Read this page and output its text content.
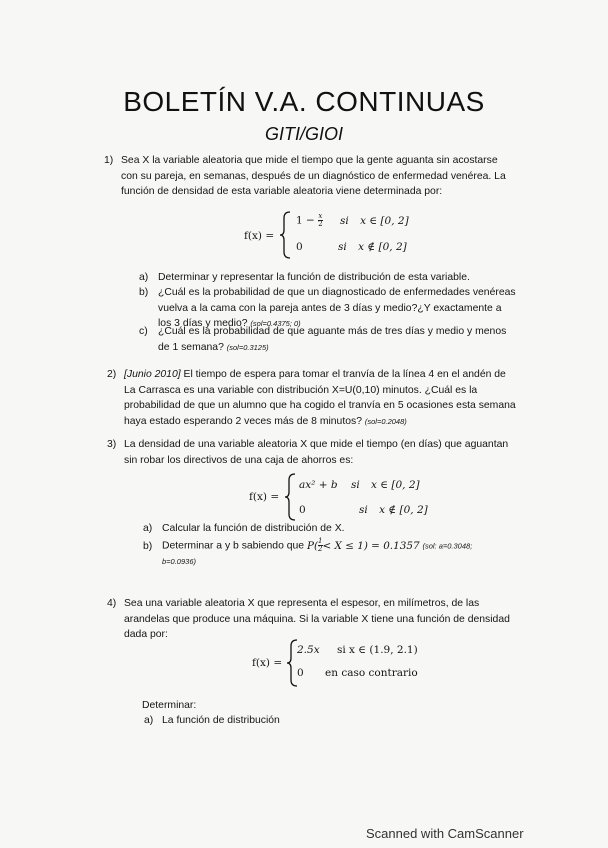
BOLETÍN V.A. CONTINUAS
GITI/GIOI
1) Sea X la variable aleatoria que mide el tiempo que la gente aguanta sin acostarse
con su pareja, en semanas, después de un diagnóstico de enfermedad venérea. La
función de densidad de esta variable aleatoria viene determinada por:
f(x) =
$1 - \frac{x}{2}$ si x ∈ [0, 2]
0	si x ∉ [0, 2]
a) Determinar y representar la función de distribución de esta variable.
b) ¿Cuál es la probabilidad de que un diagnosticado de enfermedades venéreas
vuelva a la cama con la pareja antes de 3 días y medio?¿Y exactamente a
los 3 días y medio? (sol=0.4375; 0)
c) ¿Cuál es la probabilidad de que aguante más de tres días y medio y menos
de 1 semana? (sol=0.3125)
2) [Junio 2010] El tiempo de espera para tomar el tranvía de la línea 4 en el andén de
La Carrasca es una variable con distribución X=U(0,10) minutos. ¿Cuál es la
probabilidad de que un alumno que ha cogido el tranvía en 5 ocasiones esta semana
haya estado esperando 2 veces más de 8 minutos? (sol=0.2048)
3) La densidad de una variable aleatoria X que mide el tiempo (en días) que aguantan
sin robar los directivos de una caja de ahorros es:
f(x) =
ax² + b si x ∈ [0, 2]
0	si x ∉ [0, 2]
a) Calcular la función de distribución de X.
b) Determinar a y b sabiendo que $P( \frac{1}{2} < X \le 1) = 0.1357$ (sol: a=0.3048;
b=0.0936)
4) Sea una variable aleatoria X que representa el espesor, en milímetros, de las
arandelas que produce una máquina. Si la variable X tiene una función de densidad
dada por:
f(x) =
2.5x si x ∈ (1.9, 2.1)
0 en caso contrario
Determinar:
a) La función de distribución
Scanned with CamScanner
